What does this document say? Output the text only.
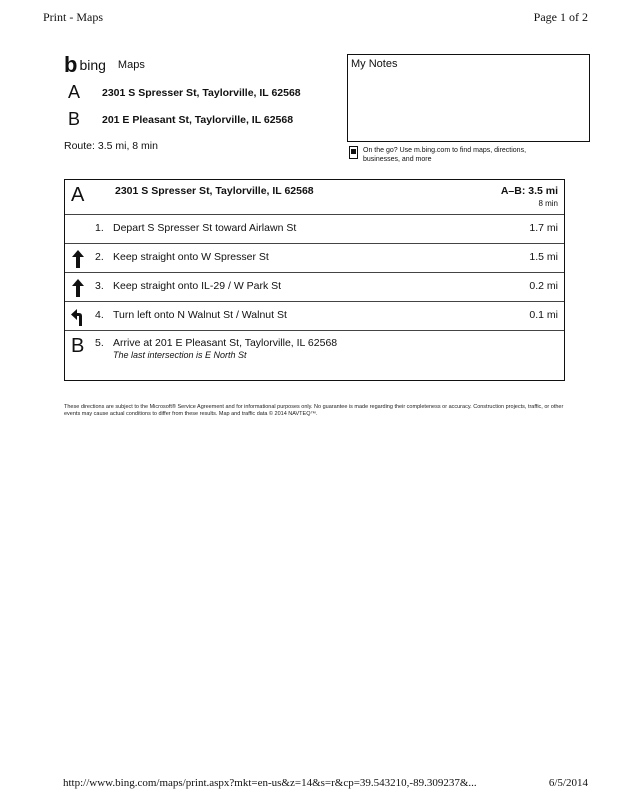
Print - Maps	Page 1 of 2
b bing Maps
A	2301 S Spresser St, Taylorville, IL 62568
B	201 E Pleasant St, Taylorville, IL 62568
Route: 3.5 mi, 8 min
My Notes
On the go? Use m.bing.com to find maps, directions, businesses, and more
A	2301 S Spresser St, Taylorville, IL 62568	A–B: 3.5 mi
8 min
1. Depart S Spresser St toward Airlawn St	1.7 mi
2. Keep straight onto W Spresser St	1.5 mi
3. Keep straight onto IL-29 / W Park St	0.2 mi
4. Turn left onto N Walnut St / Walnut St	0.1 mi
B 5. Arrive at 201 E Pleasant St, Taylorville, IL 62568
The last intersection is E North St
These directions are subject to the Microsoft® Service Agreement and for informational purposes only. No guarantee is made regarding their completeness or accuracy. Construction projects, traffic, or other events may cause actual conditions to differ from these results. Map and traffic data © 2014 NAVTEQ™.
http://www.bing.com/maps/print.aspx?mkt=en-us&z=14&s=r&cp=39.543210,-89.309237&...	6/5/2014
